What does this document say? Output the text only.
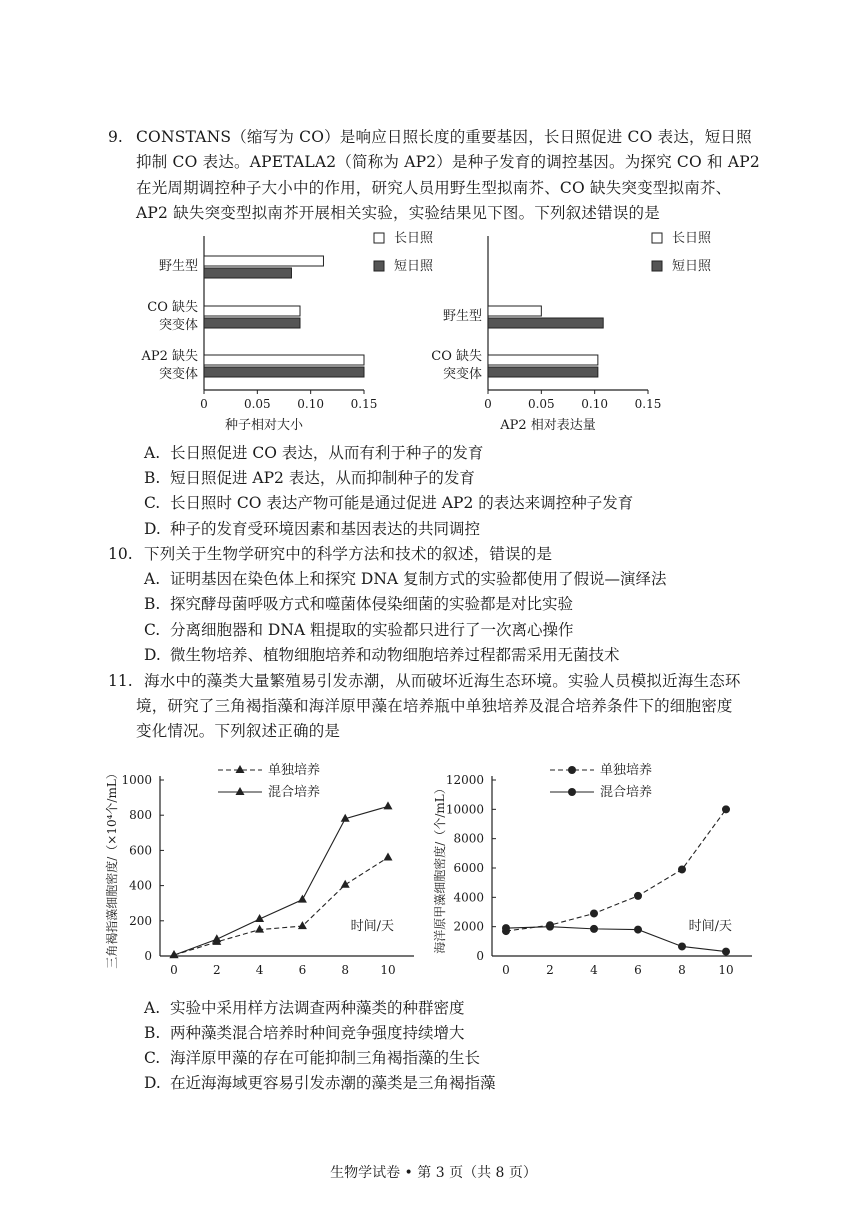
9. CONSTANS（缩写为 CO）是响应日照长度的重要基因，长日照促进 CO 表达，短日照
抑制 CO 表达。APETALA2（简称为 AP2）是种子发育的调控基因。为探究 CO 和 AP2
在光周期调控种子大小中的作用，研究人员用野生型拟南芥、CO 缺失突变型拟南芥、
AP2 缺失突变型拟南芥开展相关实验，实验结果见下图。下列叙述错误的是
0	0.05 0.10 0.15
种子相对大小
野生型
CO 缺失
突变体
AP2 缺失
突变体
长日照
短日照
0	0.05 0.10 0.15
AP2 相对表达量
野生型
CO 缺失
突变体
长日照
短日照
A. 长日照促进 CO 表达，从而有利于种子的发育
B. 短日照促进 AP2 表达，从而抑制种子的发育
C. 长日照时 CO 表达产物可能是通过促进 AP2 的表达来调控种子发育
D. 种子的发育受环境因素和基因表达的共同调控
10. 下列关于生物学研究中的科学方法和技术的叙述，错误的是
A. 证明基因在染色体上和探究 DNA 复制方式的实验都使用了假说—演绎法
B. 探究酵母菌呼吸方式和噬菌体侵染细菌的实验都是对比实验
C. 分离细胞器和 DNA 粗提取的实验都只进行了一次离心操作
D. 微生物培养、植物细胞培养和动物细胞培养过程都需采用无菌技术
11. 海水中的藻类大量繁殖易引发赤潮，从而破坏近海生态环境。实验人员模拟近海生态环
境，研究了三角褐指藻和海洋原甲藻在培养瓶中单独培养及混合培养条件下的细胞密度
变化情况。下列叙述正确的是
0
200
400
600
800
1000
0	2	4	6	8	10
时间/天
三角褐指藻细胞密度/（×10⁴个/mL）	单独培养
混合培养
0
2000
4000
6000
8000
10000
12000
0	2	4	6	8	10
时间/天
海洋原甲藻细胞密度/（个/mL）
单独培养
混合培养
A. 实验中采用样方法调查两种藻类的种群密度
B. 两种藻类混合培养时种间竞争强度持续增大
C. 海洋原甲藻的存在可能抑制三角褐指藻的生长
D. 在近海海域更容易引发赤潮的藻类是三角褐指藻
生物学试卷 • 第 3 页（共 8 页）
